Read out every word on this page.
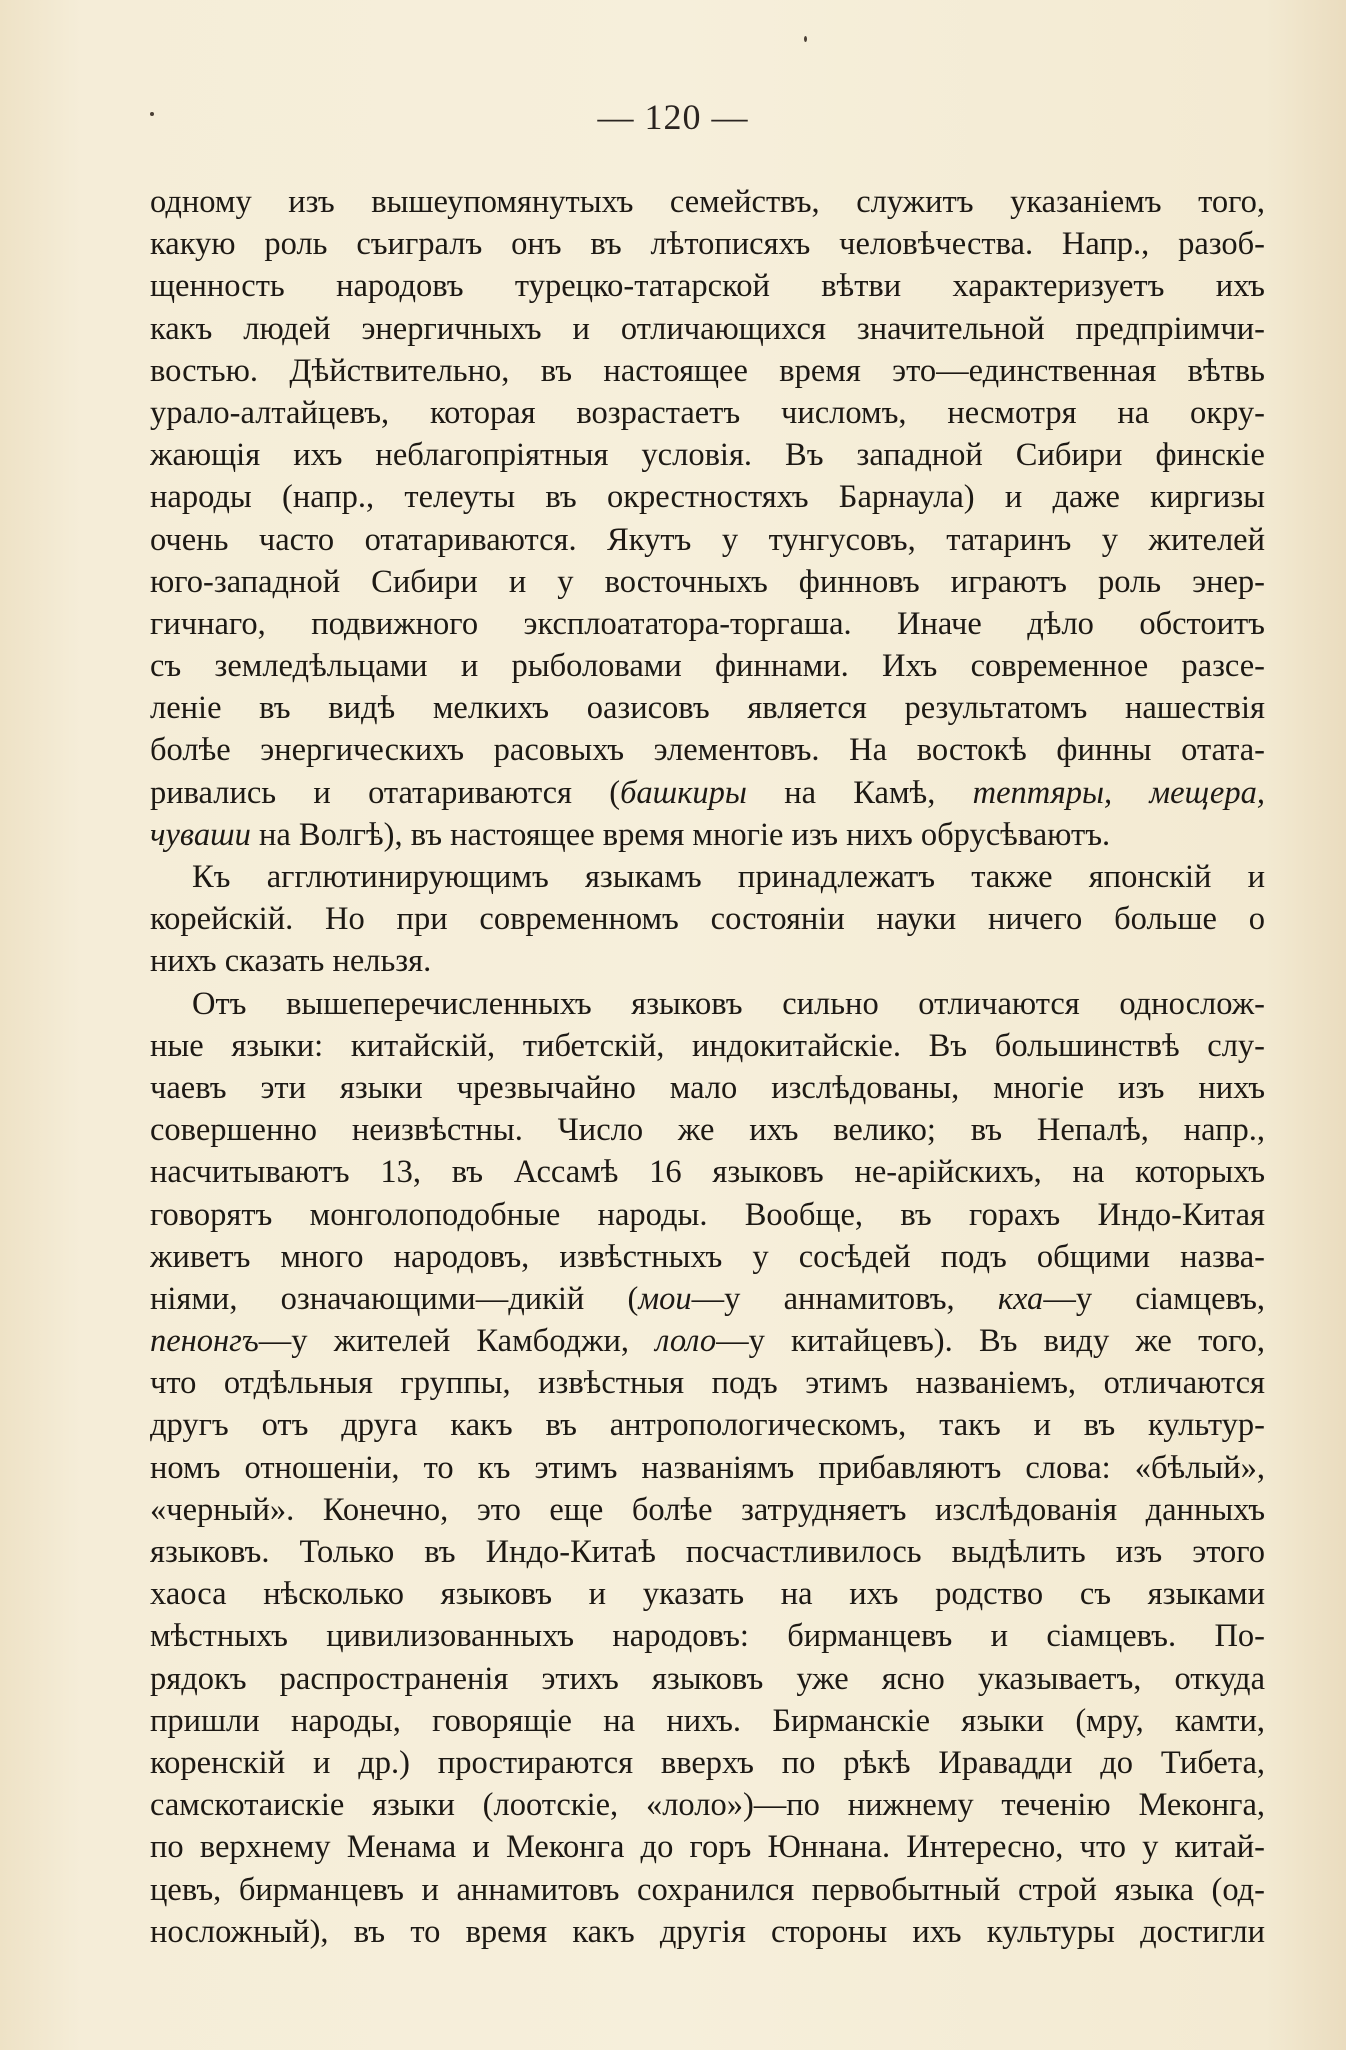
— 120 —
одному изъ вышеупомянутыхъ семействъ, служитъ указаніемъ того,
какую роль съигралъ онъ въ лѣтописяхъ человѣчества. Напр., разоб-
щенность народовъ турецко-татарской вѣтви характеризуетъ ихъ
какъ людей энергичныхъ и отличающихся значительной предпріимчи-
востью. Дѣйствительно, въ настоящее время это—единственная вѣтвь
урало-алтайцевъ, которая возрастаетъ числомъ, несмотря на окру-
жающія ихъ неблагопріятныя условія. Въ западной Сибири финскіе
народы (напр., телеуты въ окрестностяхъ Барнаула) и даже киргизы
очень часто отатариваются. Якутъ у тунгусовъ, татаринъ у жителей
юго-западной Сибири и у восточныхъ финновъ играютъ роль энер-
гичнаго, подвижного эксплоататора-торгаша. Иначе дѣло обстоитъ
съ земледѣльцами и рыболовами финнами. Ихъ современное разсе-
леніе въ видѣ мелкихъ оазисовъ является результатомъ нашествія
болѣе энергическихъ расовыхъ элементовъ. На востокѣ финны отата-
ривались и отатариваются (башкиры на Камѣ, тептяры, мещера,
чуваши на Волгѣ), въ настоящее время многіе изъ нихъ обрусѣваютъ.
Къ агглютинирующимъ языкамъ принадлежатъ также японскій и
корейскій. Но при современномъ состояніи науки ничего больше о
нихъ сказать нельзя.
Отъ вышеперечисленныхъ языковъ сильно отличаются однослож-
ные языки: китайскій, тибетскій, индокитайскіе. Въ большинствѣ слу-
чаевъ эти языки чрезвычайно мало изслѣдованы, многіе изъ нихъ
совершенно неизвѣстны. Число же ихъ велико; въ Непалѣ, напр.,
насчитываютъ 13, въ Ассамѣ 16 языковъ не-арійскихъ, на которыхъ
говорятъ монголоподобные народы. Вообще, въ горахъ Индо-Китая
живетъ много народовъ, извѣстныхъ у сосѣдей подъ общими назва-
ніями, означающими—дикій (мои—у аннамитовъ, кха—у сіамцевъ,
пенонгъ—у жителей Камбоджи, лоло—у китайцевъ). Въ виду же того,
что отдѣльныя группы, извѣстныя подъ этимъ названіемъ, отличаются
другъ отъ друга какъ въ антропологическомъ, такъ и въ культур-
номъ отношеніи, то къ этимъ названіямъ прибавляютъ слова: «бѣлый»,
«черный». Конечно, это еще болѣе затрудняетъ изслѣдованія данныхъ
языковъ. Только въ Индо-Китаѣ посчастливилось выдѣлить изъ этого
хаоса нѣсколько языковъ и указать на ихъ родство съ языками
мѣстныхъ цивилизованныхъ народовъ: бирманцевъ и сіамцевъ. По-
рядокъ распространенія этихъ языковъ уже ясно указываетъ, откуда
пришли народы, говорящіе на нихъ. Бирманскіе языки (мру, камти,
коренскій и др.) простираются вверхъ по рѣкѣ Иравадди до Тибета,
самскотаискіе языки (лоотскіе, «лоло»)—по нижнему теченію Меконга,
по верхнему Менама и Меконга до горъ Юннана. Интересно, что у китай-
цевъ, бирманцевъ и аннамитовъ сохранился первобытный строй языка (од-
носложный), въ то время какъ другія стороны ихъ культуры достигли
